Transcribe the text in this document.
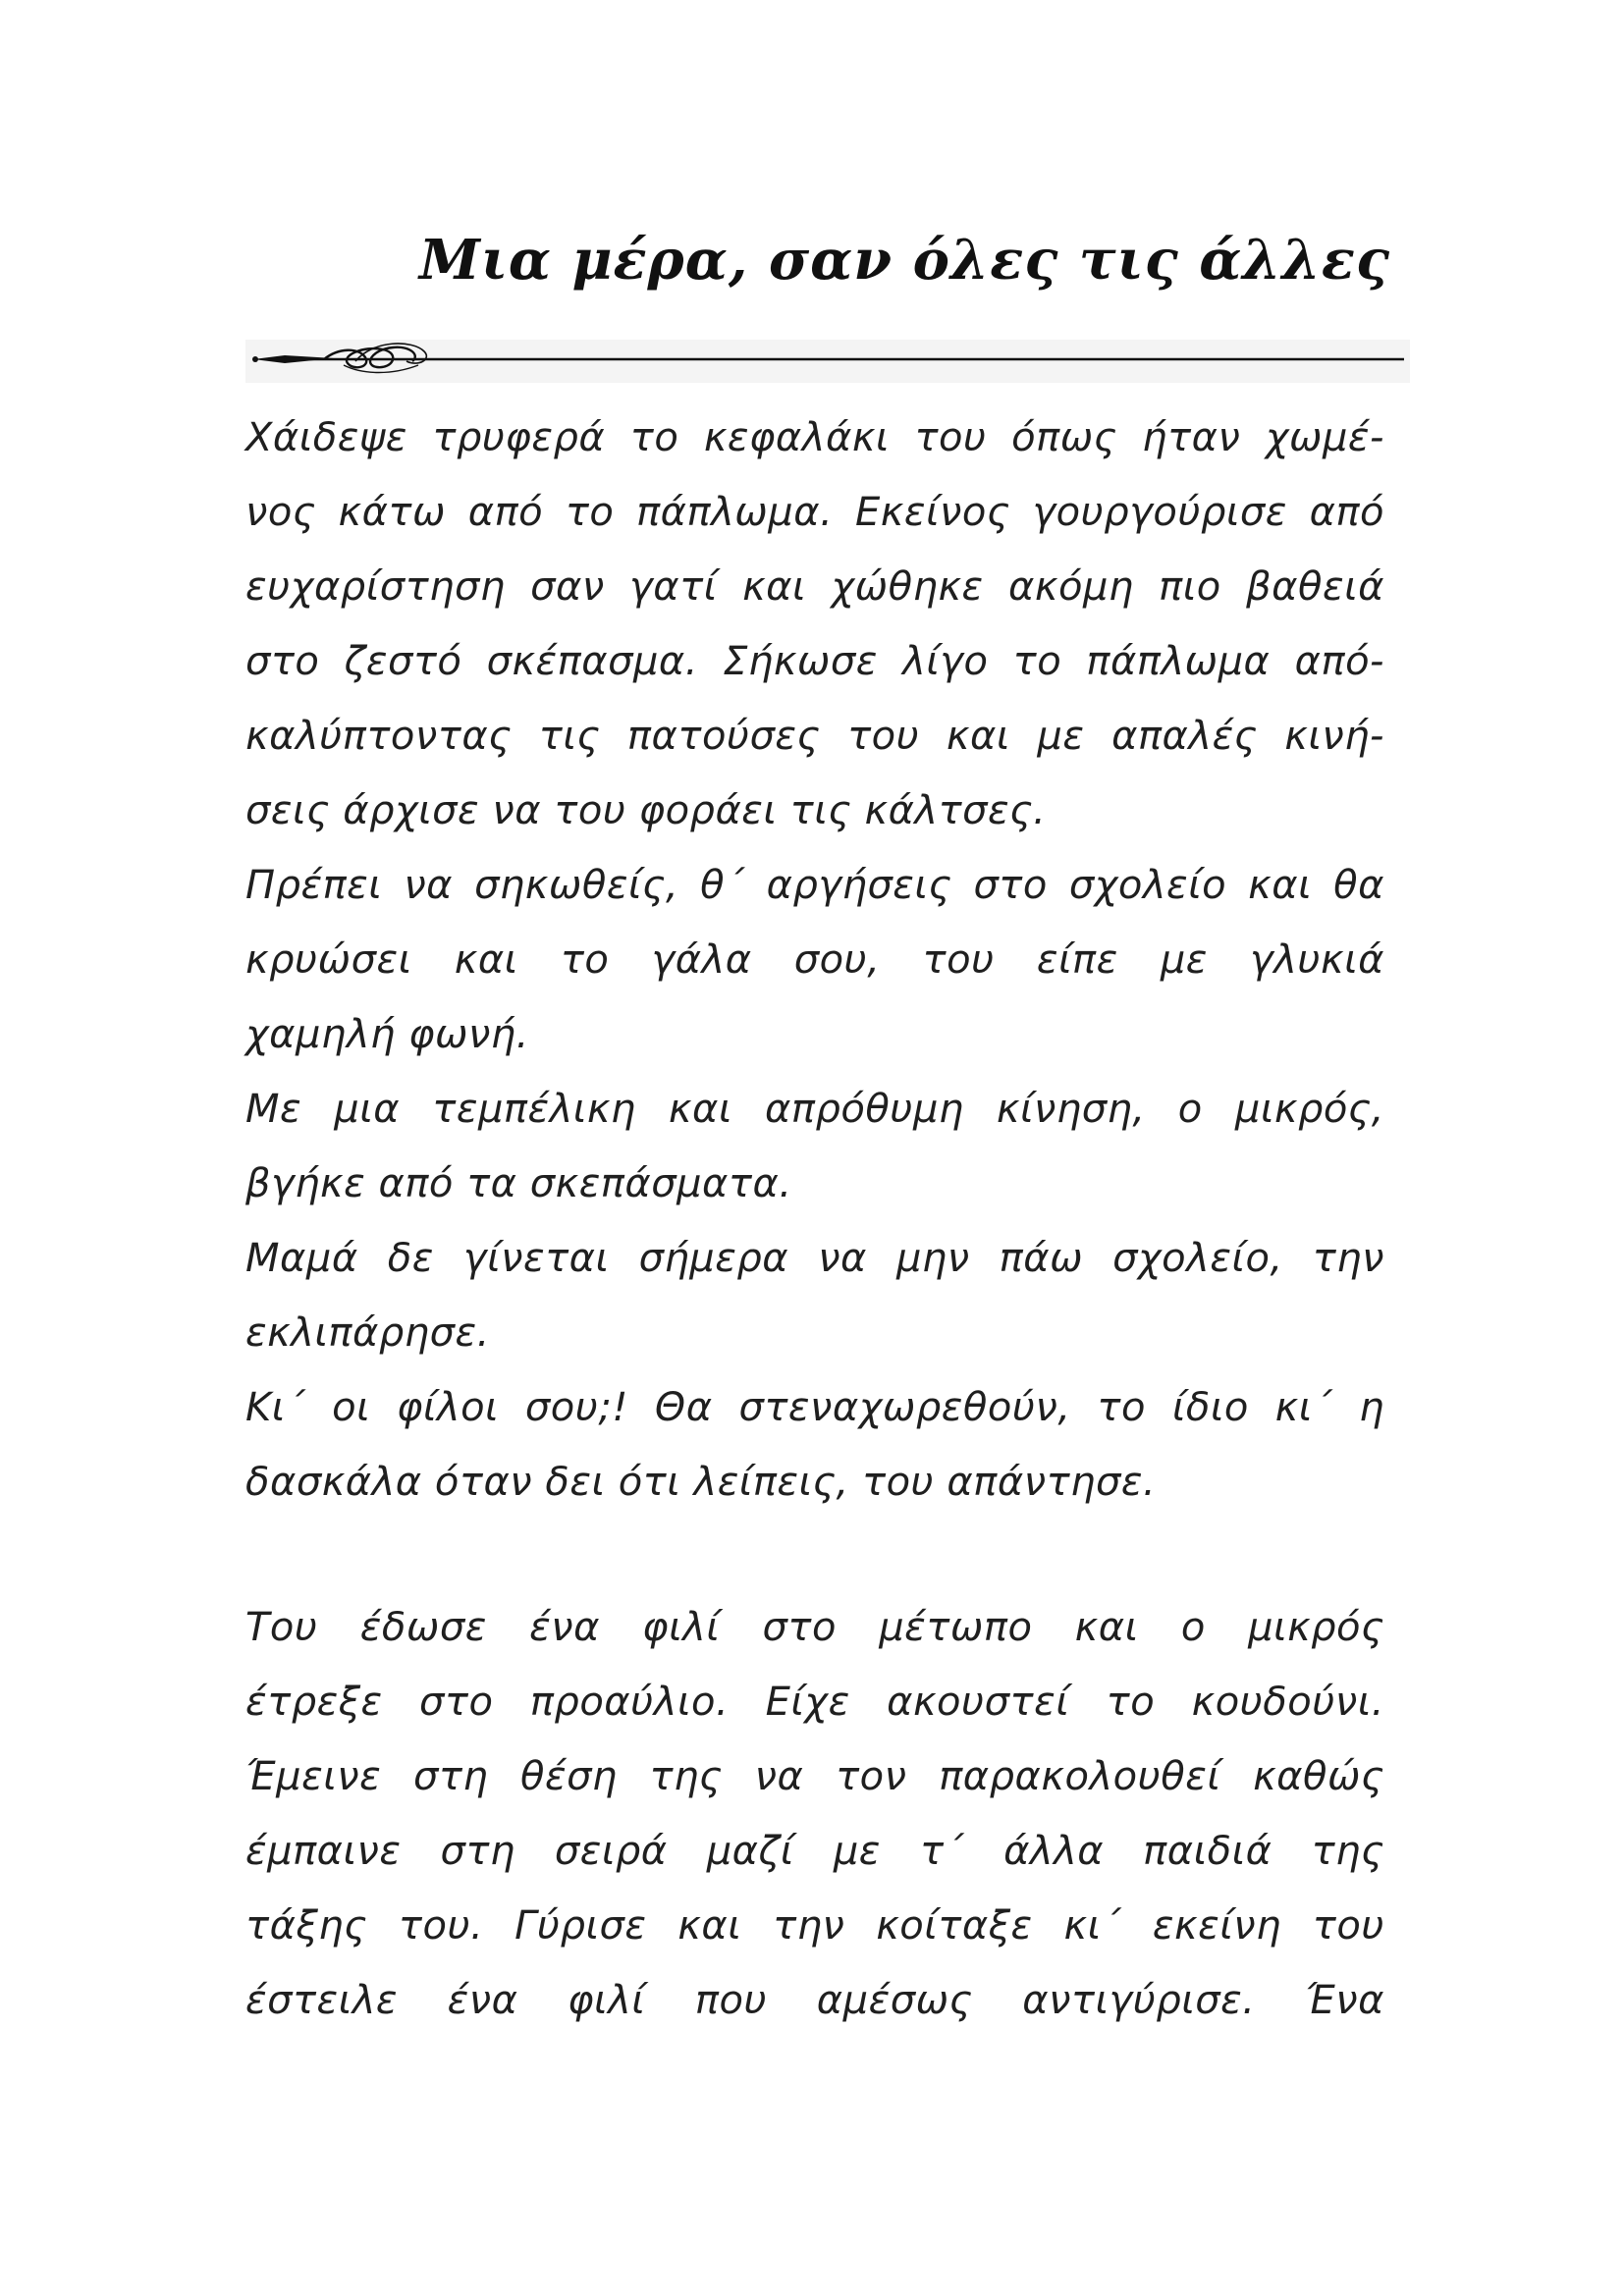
Μια μέρα, σαν όλες τις άλλες
Χάιδεψε τρυφερά το κεφαλάκι του όπως ήταν χωμέ-
νος κάτω από το πάπλωμα. Εκείνος γουργούρισε από
ευχαρίστηση σαν γατί και χώθηκε ακόμη πιο βαθειά
στο ζεστό σκέπασμα. Σήκωσε λίγο το πάπλωμα από-
καλύπτοντας τις πατούσες του και με απαλές κινή-
σεις άρχισε να του φοράει τις κάλτσες.
Πρέπει να σηκωθείς, θ΄ αργήσεις στο σχολείο και θα
κρυώσει και το γάλα σου, του είπε με γλυκιά
χαμηλή φωνή.
Με μια τεμπέλικη και απρόθυμη κίνηση, ο μικρός,
βγήκε από τα σκεπάσματα.
Μαμά δε γίνεται σήμερα να μην πάω σχολείο, την
εκλιπάρησε.
Κι΄ οι φίλοι σου;! Θα στεναχωρεθούν, το ίδιο κι΄ η
δασκάλα όταν δει ότι λείπεις, του απάντησε.
Του έδωσε ένα φιλί στο μέτωπο και ο μικρός
έτρεξε στο προαύλιο. Είχε ακουστεί το κουδούνι.
Έμεινε στη θέση της να τον παρακολουθεί καθώς
έμπαινε στη σειρά μαζί με τ΄ άλλα παιδιά της
τάξης του. Γύρισε και την κοίταξε κι΄ εκείνη του
έστειλε ένα φιλί που αμέσως αντιγύρισε. Ένα
